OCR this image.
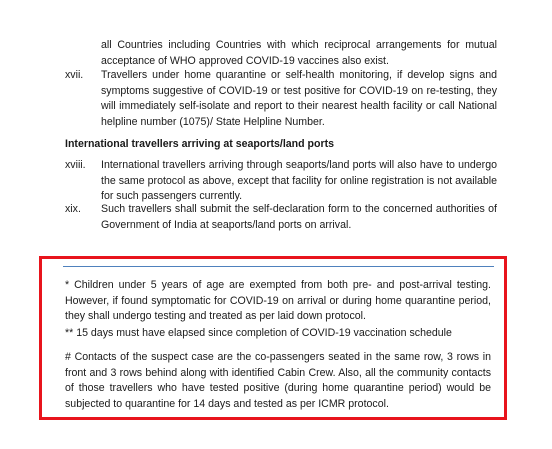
all Countries including Countries with which reciprocal arrangements for mutual acceptance of WHO approved COVID-19 vaccines also exist.
xvii.	Travellers under home quarantine or self-health monitoring, if develop signs and symptoms suggestive of COVID-19 or test positive for COVID-19 on re-testing, they will immediately self-isolate and report to their nearest health facility or call National helpline number (1075)/ State Helpline Number.
International travellers arriving at seaports/land ports
xviii.	International travellers arriving through seaports/land ports will also have to undergo the same protocol as above, except that facility for online registration is not available for such passengers currently.
xix.	Such travellers shall submit the self-declaration form to the concerned authorities of Government of India at seaports/land ports on arrival.
* Children under 5 years of age are exempted from both pre- and post-arrival testing. However, if found symptomatic for COVID-19 on arrival or during home quarantine period, they shall undergo testing and treated as per laid down protocol.
** 15 days must have elapsed since completion of COVID-19 vaccination schedule
# Contacts of the suspect case are the co-passengers seated in the same row, 3 rows in front and 3 rows behind along with identified Cabin Crew. Also, all the community contacts of those travellers who have tested positive (during home quarantine period) would be subjected to quarantine for 14 days and tested as per ICMR protocol.
